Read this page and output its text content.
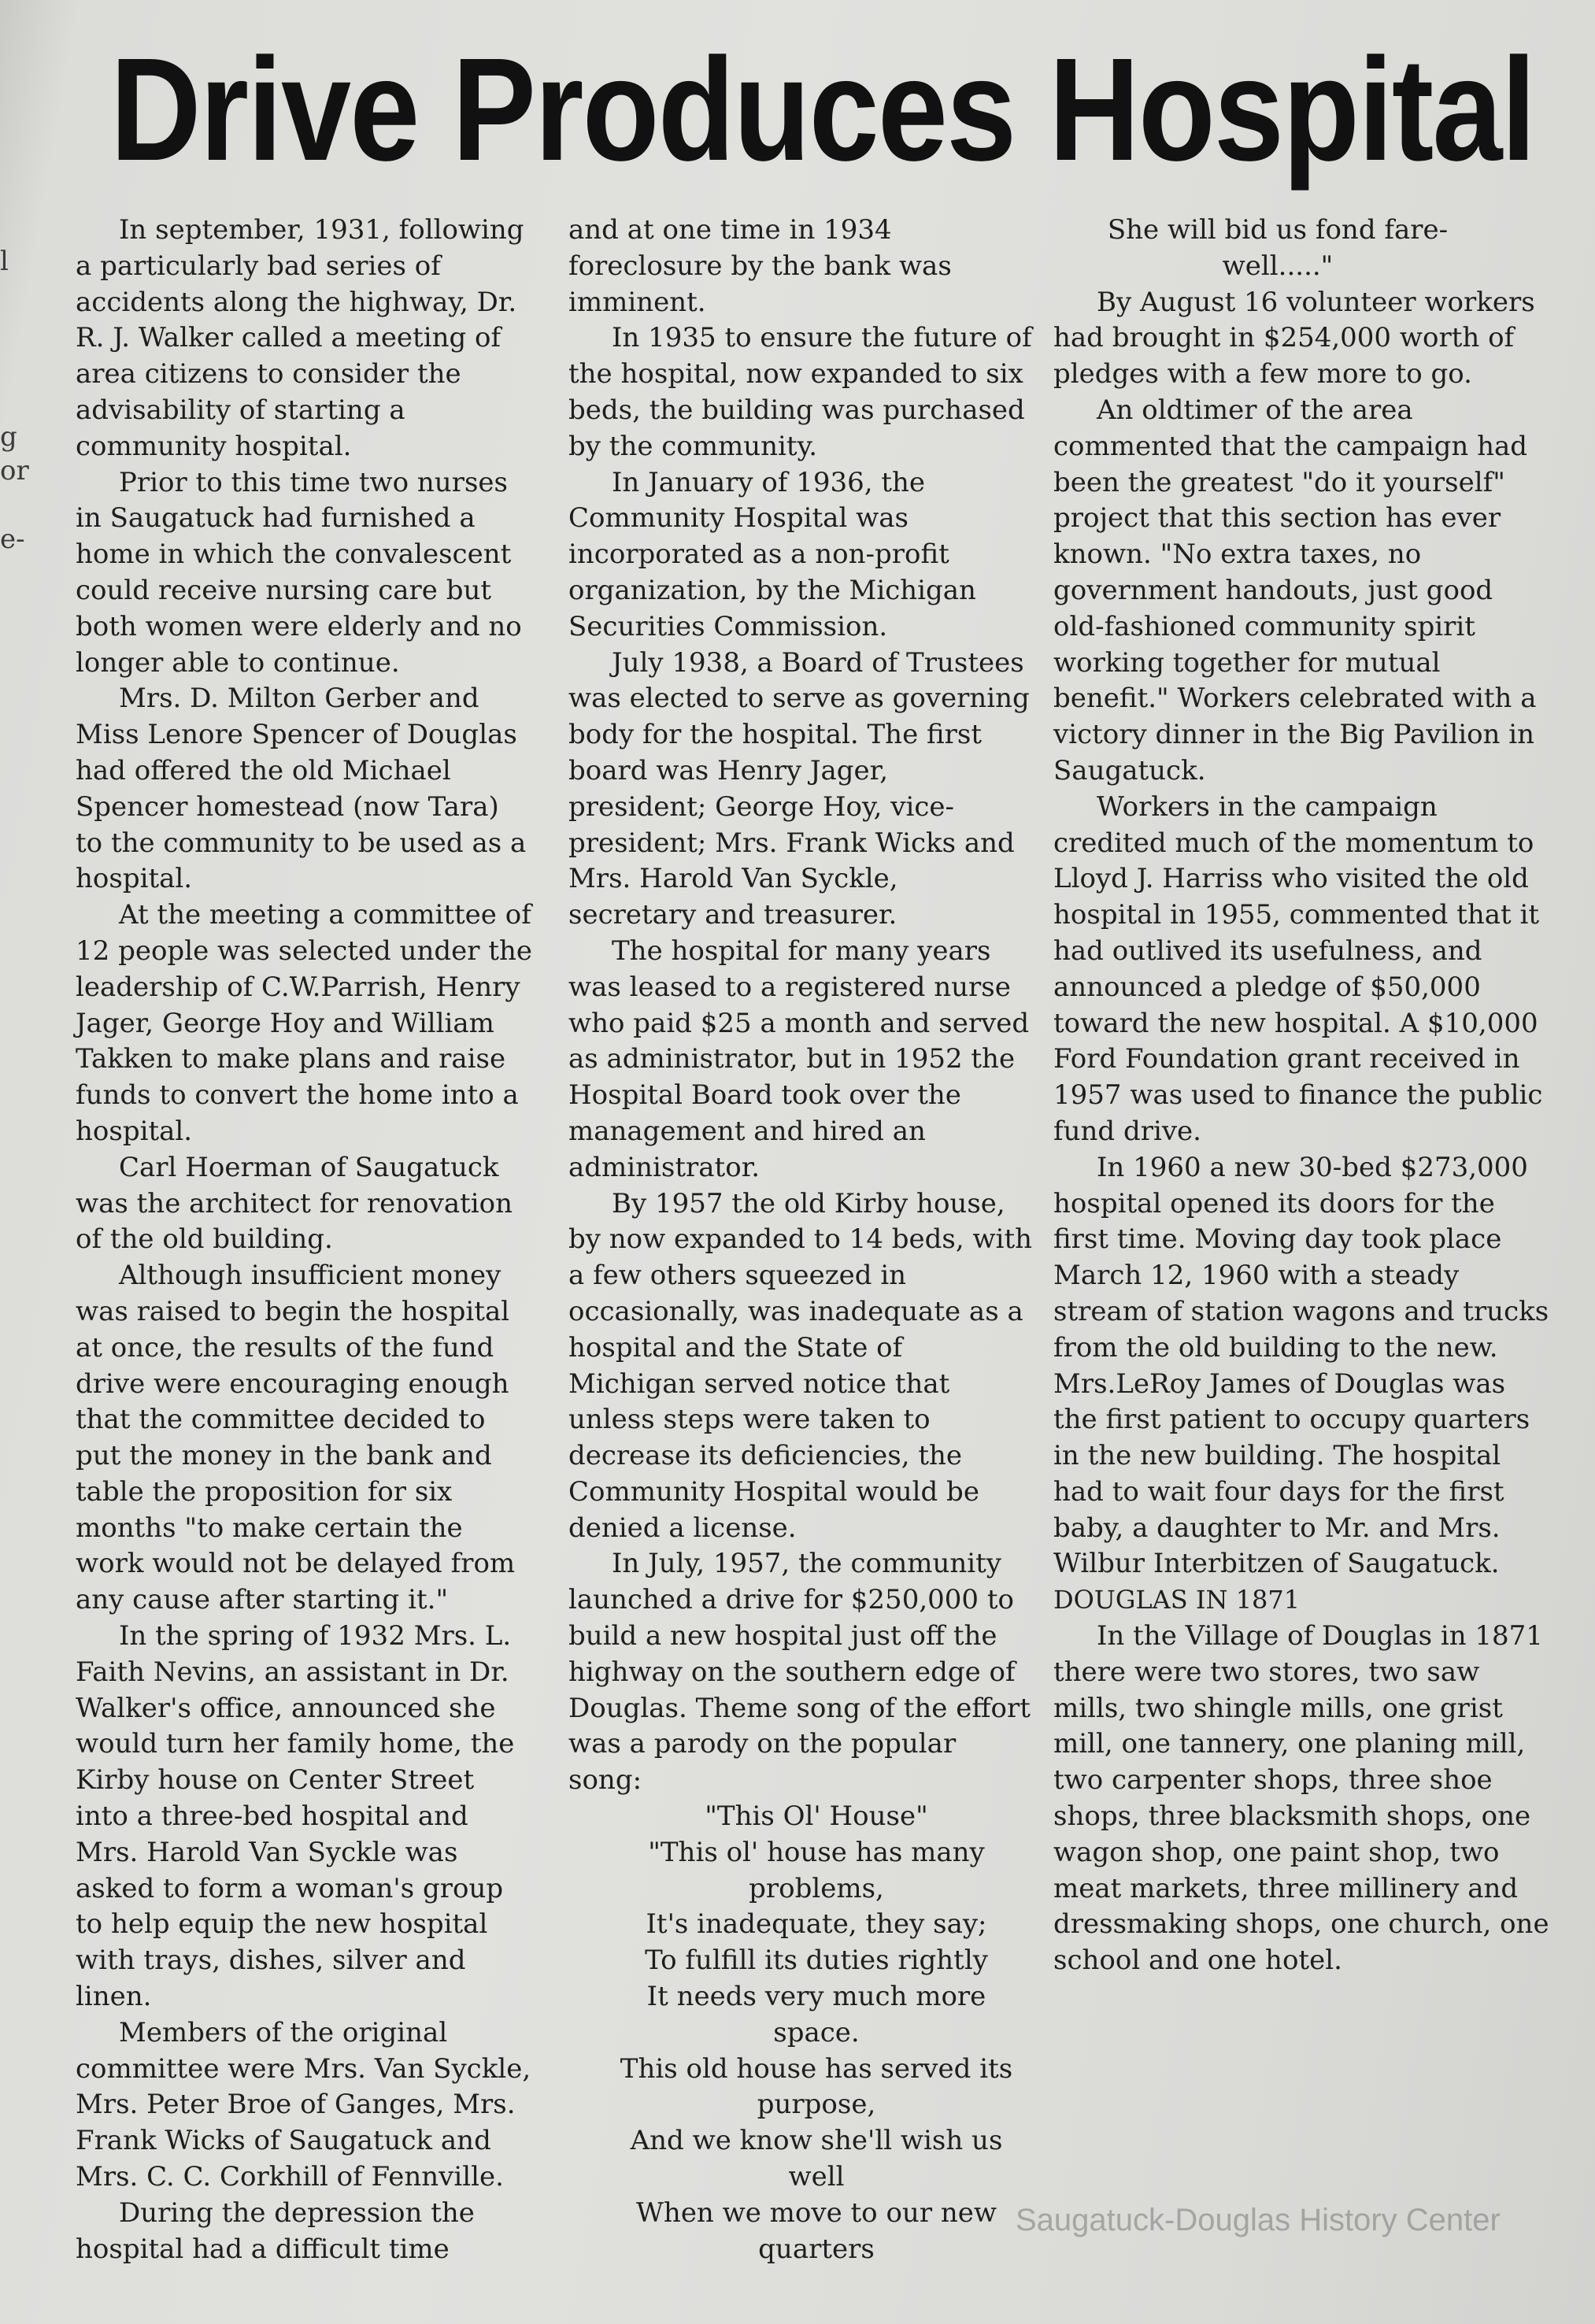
l
g
or
e-
Drive Produces Hospital

In september, 1931, following a particularly bad series of accidents along the highway, Dr. R. J. Walker called a meeting of area citizens to consider the advisability of starting a community hospital.

Prior to this time two nurses in Saugatuck had furnished a home in which the convalescent could receive nursing care but both women were elderly and no longer able to continue.

Mrs. D. Milton Gerber and Miss Lenore Spencer of Douglas had offered the old Michael Spencer homestead (now Tara) to the community to be used as a hospital.

At the meeting a committee of 12 people was selected under the leadership of C.W.Parrish, Henry Jager, George Hoy and William Takken to make plans and raise funds to convert the home into a hospital.

Carl Hoerman of Saugatuck was the architect for renovation of the old building.

Although insufficient money was raised to begin the hospital at once, the results of the fund drive were encouraging enough that the committee decided to put the money in the bank and table the proposition for six months "to make certain the work would not be delayed from any cause after starting it."

In the spring of 1932 Mrs. L. Faith Nevins, an assistant in Dr. Walker's office, announced she would turn her family home, the Kirby house on Center Street into a three-bed hospital and Mrs. Harold Van Syckle was asked to form a woman's group to help equip the new hospital with trays, dishes, silver and linen.

Members of the original committee were Mrs. Van Syckle, Mrs. Peter Broe of Ganges, Mrs. Frank Wicks of Saugatuck and Mrs. C. C. Corkhill of Fennville.

During the depression the hospital had a difficult time

and at one time in 1934 foreclosure by the bank was imminent.

In 1935 to ensure the future of the hospital, now expanded to six beds, the building was purchased by the community.

In January of 1936, the Community Hospital was incorporated as a non-profit organization, by the Michigan Securities Commission.

July 1938, a Board of Trustees was elected to serve as governing body for the hospital. The first board was Henry Jager, president; George Hoy, vice-president; Mrs. Frank Wicks and Mrs. Harold Van Syckle, secretary and treasurer.

The hospital for many years was leased to a registered nurse who paid $25 a month and served as administrator, but in 1952 the Hospital Board took over the management and hired an administrator.

By 1957 the old Kirby house, by now expanded to 14 beds, with a few others squeezed in occasionally, was inadequate as a hospital and the State of Michigan served notice that unless steps were taken to decrease its deficiencies, the Community Hospital would be denied a license.

In July, 1957, the community launched a drive for $250,000 to build a new hospital just off the highway on the southern edge of Douglas. Theme song of the effort was a parody on the popular song:

"This Ol' House"
"This ol' house has many problems,
It's inadequate, they say;
To fulfill its duties rightly
It needs very much more space.
This old house has served its purpose,
And we know she'll wish us well
When we move to our new quarters
She will bid us fond fare-
well....."

By August 16 volunteer workers had brought in $254,000 worth of pledges with a few more to go.

An oldtimer of the area commented that the campaign had been the greatest "do it yourself" project that this section has ever known. "No extra taxes, no government handouts, just good old-fashioned community spirit working together for mutual benefit." Workers celebrated with a victory dinner in the Big Pavilion in Saugatuck.

Workers in the campaign credited much of the momentum to Lloyd J. Harriss who visited the old hospital in 1955, commented that it had outlived its usefulness, and announced a pledge of $50,000 toward the new hospital. A $10,000 Ford Foundation grant received in 1957 was used to finance the public fund drive.

In 1960 a new 30-bed $273,000 hospital opened its doors for the first time. Moving day took place March 12, 1960 with a steady stream of station wagons and trucks from the old building to the new. Mrs.LeRoy James of Douglas was the first patient to occupy quarters in the new building. The hospital had to wait four days for the first baby, a daughter to Mr. and Mrs. Wilbur Interbitzen of Saugatuck.

DOUGLAS IN 1871

In the Village of Douglas in 1871 there were two stores, two saw mills, two shingle mills, one grist mill, one tannery, one planing mill, two carpenter shops, three shoe shops, three blacksmith shops, one wagon shop, one paint shop, two meat markets, three millinery and dressmaking shops, one church, one school and one hotel.

Saugatuck-Douglas History Center
